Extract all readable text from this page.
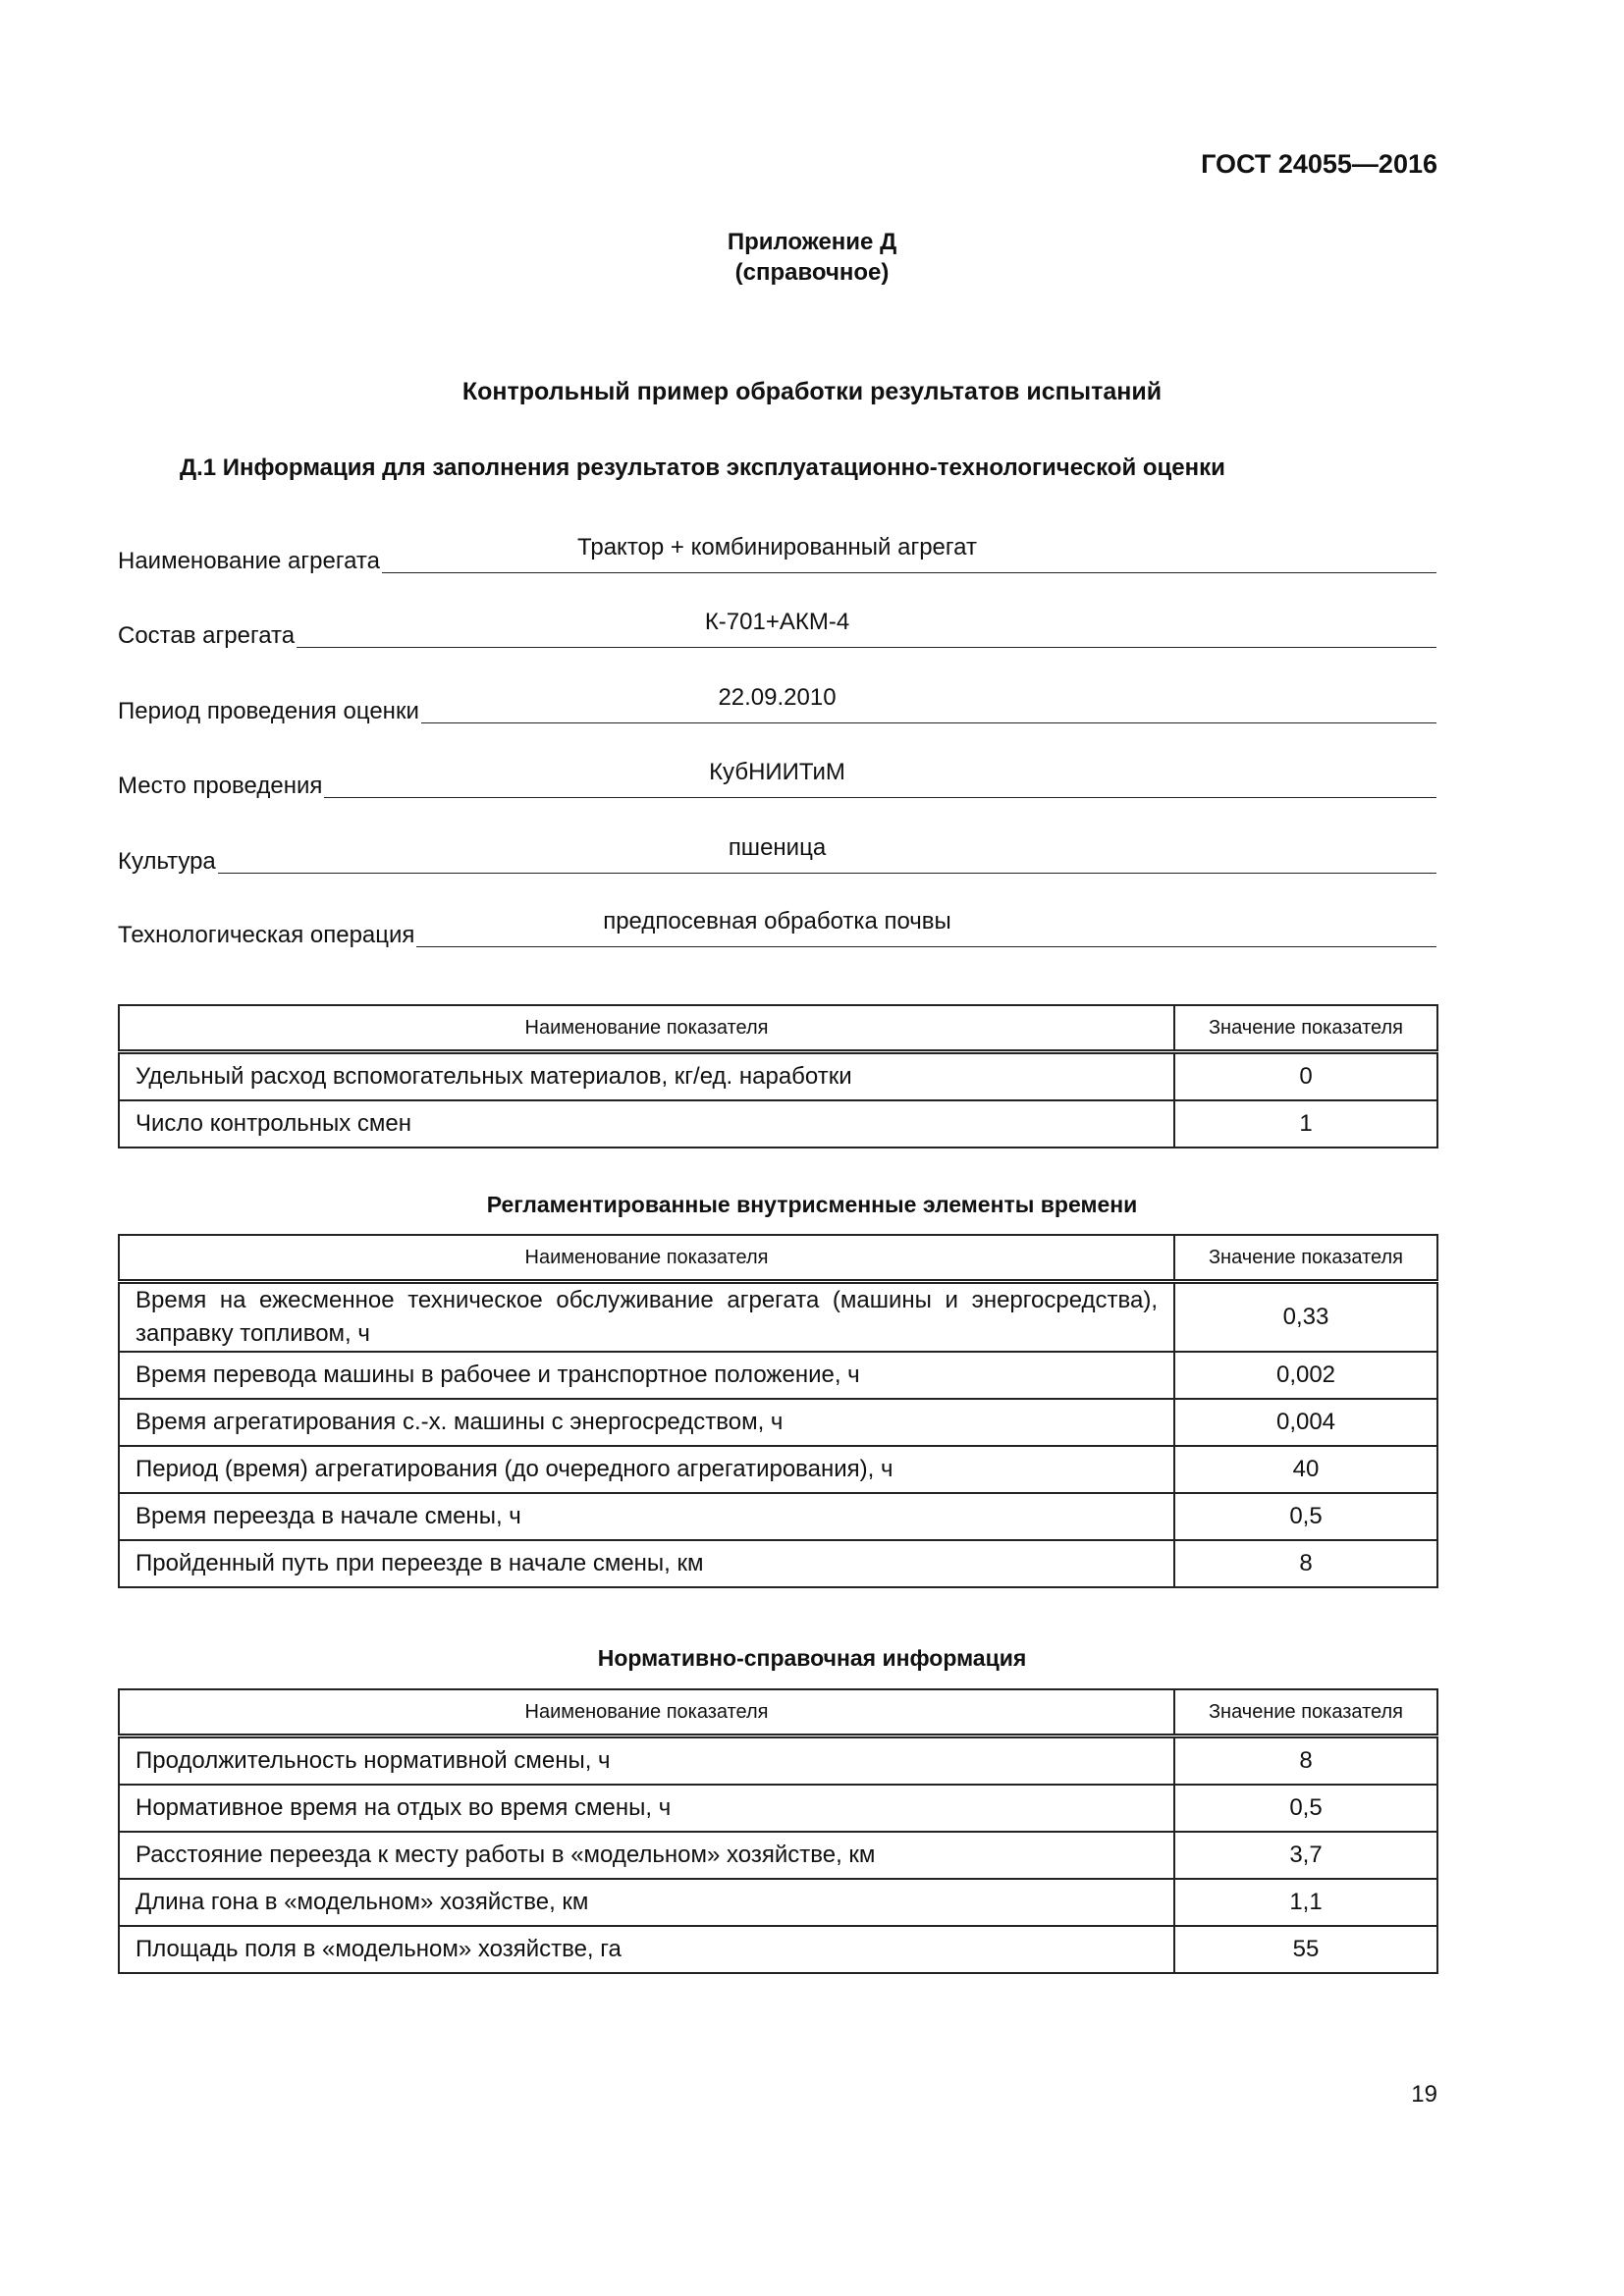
ГОСТ 24055—2016
Приложение Д
(справочное)
Контрольный пример обработки результатов испытаний
Д.1 Информация для заполнения результатов эксплуатационно-технологической оценки
Наименование агрегата
Трактор + комбинированный агрегат
Состав агрегата
К-701+АКМ-4
Период проведения оценки
22.09.2010
Место проведения
КубНИИТиМ
Культура
пшеница
Технологическая операция
предпосевная обработка почвы
Наименование показателя	Значение показателя
Удельный расход вспомогательных материалов, кг/ед. наработки	0
Число контрольных смен	1
Регламентированные внутрисменные элементы времени
Наименование показателя	Значение показателя
Время на ежесменное техническое обслуживание агрегата (машины и энергосредства), заправку топливом, ч	0,33
Время перевода машины в рабочее и транспортное положение, ч	0,002
Время агрегатирования с.-х. машины с энергосредством, ч	0,004
Период (время) агрегатирования (до очередного агрегатирования), ч	40
Время переезда в начале смены, ч	0,5
Пройденный путь при переезде в начале смены, км	8
Нормативно-справочная информация
Наименование показателя	Значение показателя
Продолжительность нормативной смены, ч	8
Нормативное время на отдых во время смены, ч	0,5
Расстояние переезда к месту работы в «модельном» хозяйстве, км	3,7
Длина гона в «модельном» хозяйстве, км	1,1
Площадь поля в «модельном» хозяйстве, га	55
19
